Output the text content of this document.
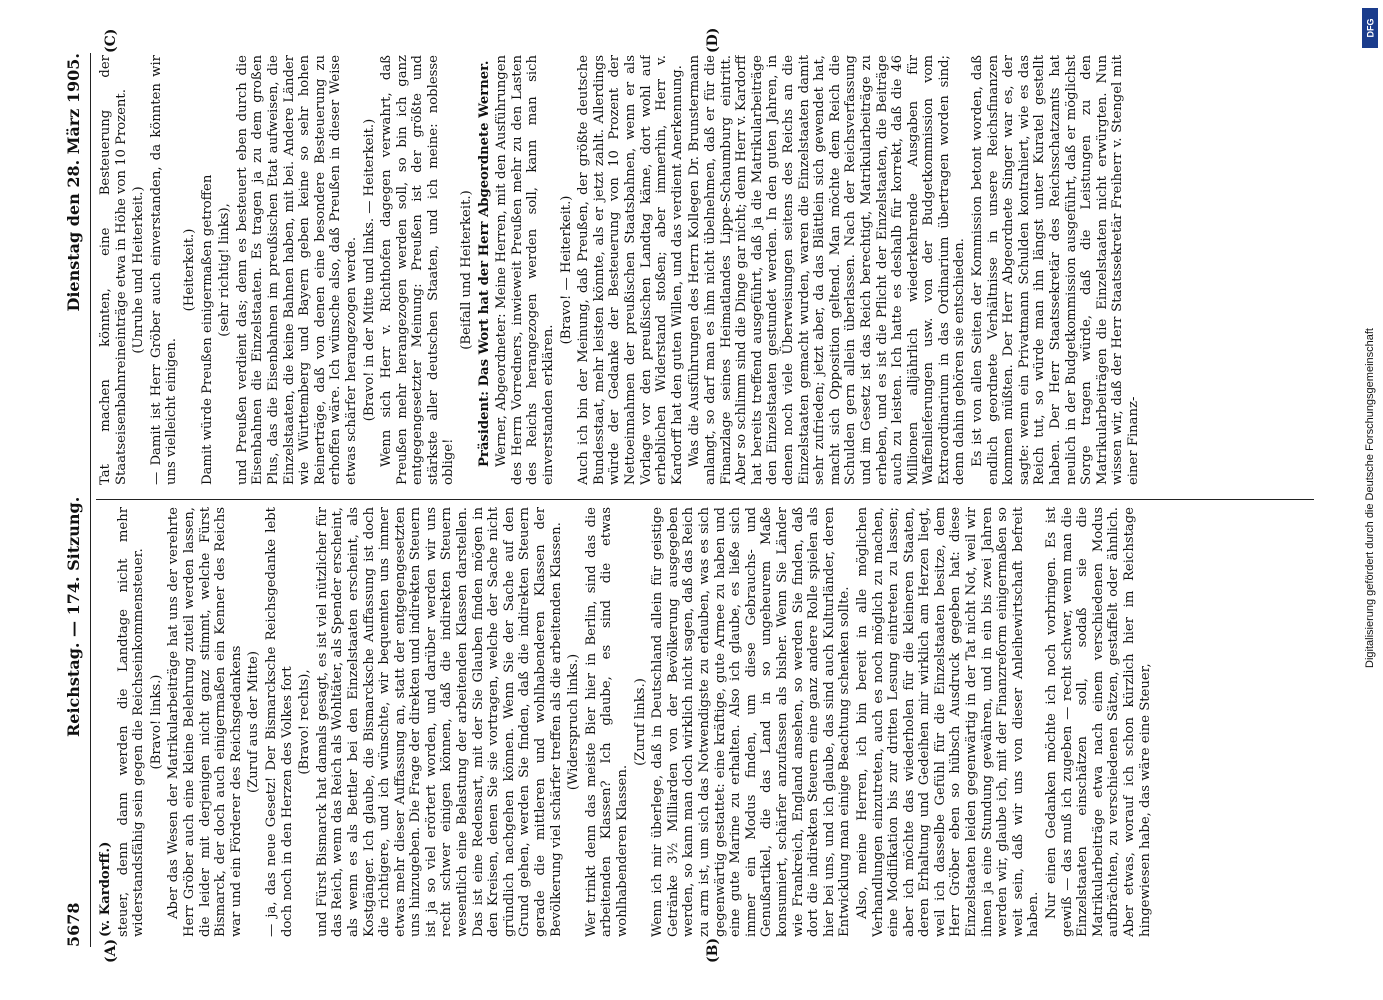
5678
Reichstag. — 174. Sitzung.
Dienstag den 28. März 1905.
(A)	(B)
(C)	(D)

(v. Kardorff.) steuer, denn dann werden die Landtage nicht mehr widerstandsfähig sein gegen die Reichseinkommensteuer. (Bravo! links.) Aber das Wesen der Matrikularbeiträge hat uns der verehrte Herr Gröber auch eine kleine Belehrung zuteil werden lassen, die leider mit derjenigen nicht ganz stimmt, welche Fürst Bismarck, der doch auch einigermaßen ein Kenner des Reichs war und ein Förderer des Reichsgedankens (Zuruf aus der Mitte) — ja, das neue Gesetz! Der Bismarcksche Reichsgedanke lebt doch noch in den Herzen des Volkes fort (Bravo! rechts), und Fürst Bismarck hat damals gesagt, es ist viel nützlicher für das Reich, wenn das Reich als Wohltäter, als Spender erscheint, als wenn es als Bettler bei den Einzelstaaten erscheint, als Kostgänger. Ich glaube, die Bismarcksche Auffassung ist doch die richtigere, und ich wünschte, wir bequemten uns immer etwas mehr dieser Auffassung an, statt der entgegengesetzten uns hinzugeben. Die Frage der direkten und indirekten Steuern ist ja so viel erörtert worden, und darüber werden wir uns recht schwer einigen können, daß die indirekten Steuern wesentlich eine Belastung der arbeitenden Klassen darstellen. Das ist eine Redensart, mit der Sie Glauben finden mögen in den Kreisen, denen Sie sie vortragen, welche der Sache nicht gründlich nachgehen können. Wenn Sie der Sache auf den Grund gehen, werden Sie finden, daß die indirekten Steuern gerade die mittleren und wohlhabenderen Klassen der Bevölkerung viel schärfer treffen als die arbeitenden Klassen. (Widerspruch links.) Wer trinkt denn das meiste Bier hier in Berlin, sind das die arbeitenden Klassen? Ich glaube, es sind die etwas wohlhabenderen Klassen.

(Zuruf links.) Wenn ich mir überlege, daß in Deutschland allein für geistige Getränke 3½ Milliarden von der Bevölkerung ausgegeben werden, so kann man doch wirklich nicht sagen, daß das Reich zu arm ist, um sich das Notwendigste zu erlauben, was es sich gegenwärtig gestattet: eine kräftige, gute Armee zu haben und eine gute Marine zu erhalten. Also ich glaube, es ließe sich immer ein Modus finden, um diese Gebrauchs- und Genußartikel, die das Land in so ungeheurem Maße konsumiert, schärfer anzufassen als bisher. Wenn Sie Länder wie Frankreich, England ansehen, so werden Sie finden, daß dort die indirekten Steuern eine ganz andere Rolle spielen als hier bei uns, und ich glaube, das sind auch Kulturländer, deren Entwicklung man einige Beachtung schenken sollte. Also, meine Herren, ich bin bereit in alle möglichen Verhandlungen einzutreten, auch es noch möglich zu machen, eine Modifikation bis zur dritten Lesung eintreten zu lassen; aber ich möchte das wiederholen für die kleineren Staaten, deren Erhaltung und Gedeihen mir wirklich am Herzen liegt, weil ich dasselbe Gefühl für die Einzelstaaten besitze, dem Herr Gröber eben so hübsch Ausdruck gegeben hat: diese Einzelstaaten leiden gegenwärtig in der Tat nicht Not, weil wir ihnen ja eine Stundung gewähren, und in ein bis zwei Jahren werden wir, glaube ich, mit der Finanzreform einigermaßen so weit sein, daß wir uns von dieser Anleihewirtschaft befreit haben. Nur einen Gedanken möchte ich noch vorbringen. Es ist gewiß — das muß ich zugeben — recht schwer, wenn man die Einzelstaaten einschätzen soll, sodaß sie die Matrikularbeiträge etwa nach einem verschiedenen Modus aufbrächten, zu verschiedenen Sätzen, gestaffelt oder ähnlich. Aber etwas, worauf ich schon kürzlich hier im Reichstage hingewiesen habe, das wäre eine Steuer,

Tat machen könnten, eine Besteuerung der Staatseisenbahnreineinträge etwa in Höhe von 10 Prozent. (Unruhe und Heiterkeit.) — Damit ist Herr Gröber auch einverstanden, da könnten wir uns vielleicht einigen.

(Heiterkeit.) Damit würde Preußen einigermaßen getroffen (sehr richtig! links), und Preußen verdient das; denn es besteuert eben durch die Eisenbahnen die Einzelstaaten. Es tragen ja zu dem großen Plus, das die Eisenbahnen im preußischen Etat aufweisen, die Einzelstaaten, die keine Bahnen haben, mit bei. Andere Länder wie Württemberg und Bayern geben keine so sehr hohen Reinerträge, daß von denen eine besondere Besteuerung zu erhoffen wäre. Ich wünsche also, daß Preußen in dieser Weise etwas schärfer herangezogen werde. (Bravo! in der Mitte und links. — Heiterkeit.) Wenn sich Herr v. Richthofen dagegen verwahrt, daß Preußen mehr herangezogen werden soll, so bin ich ganz entgegengesetzter Meinung: Preußen ist der größte und stärkste aller deutschen Staaten, und ich meine: noblesse oblige!

(Beifall und Heiterkeit.) Präsident: Das Wort hat der Herr Abgeordnete Werner. Werner, Abgeordneter: Meine Herren, mit den Ausführungen des Herrn Vorredners, inwieweit Preußen mehr zu den Lasten des Reichs herangezogen werden soll, kann man sich einverstanden erklären.

(Bravo! — Heiterkeit.) Auch ich bin der Meinung, daß Preußen, der größte deutsche Bundesstaat, mehr leisten könnte, als er jetzt zahlt. Allerdings würde der Gedanke der Besteuerung von 10 Prozent der Nettoeinnahmen der preußischen Staatsbahnen, wenn er als Vorlage vor den preußischen Landtag käme, dort wohl auf erheblichen Widerstand stoßen; aber immerhin, Herr v. Kardorff hat den guten Willen, und das verdient Anerkennung. Was die Ausführungen des Herrn Kollegen Dr. Brunstermann anlangt, so darf man es ihm nicht übelnehmen, daß er für die Finanzlage seines Heimatlandes Lippe-Schaumburg eintritt. Aber so schlimm sind die Dinge gar nicht; denn Herr v. Kardorff hat bereits treffend ausgeführt, daß ja die Matrikularbeiträge den Einzelstaaten gestundet werden. In den guten Jahren, in denen noch viele Überweisungen seitens des Reichs an die Einzelstaaten gemacht wurden, waren die Einzelstaaten damit sehr zufrieden; jetzt aber, da das Blättlein sich gewendet hat, macht sich Opposition geltend. Man möchte dem Reich die Schulden gern allein überlassen. Nach der Reichsverfassung und im Gesetz ist das Reich berechtigt, Matrikularbeiträge zu erheben, und es ist die Pflicht der Einzelstaaten, die Beiträge auch zu leisten. Ich hatte es deshalb für korrekt, daß die 46 Millionen alljährlich wiederkehrende Ausgaben für Waffenlieferungen usw. von der Budgetkommission vom Extraordinarium in das Ordinarium übertragen worden sind; denn dahin gehören sie entschieden. Es ist von allen Seiten der Kommission betont worden, daß endlich geordnete Verhältnisse in unsere Reichsfinanzen kommen müßten. Der Herr Abgeordnete Singer war es, der sagte: wenn ein Privatmann Schulden kontrahiert, wie es das Reich tut, so würde man ihn längst unter Kuratel gestellt haben. Der Herr Staatssekretär des Reichsschatzamts hat neulich in der Budgetkommission ausgeführt, daß er möglichst Sorge tragen würde, daß die Leistungen zu den Matrikularbeiträgen die Einzelstaaten nicht erwürgten. Nun wissen wir, daß der Herr Staatssekretär Freiherr v. Stengel mit einer Finanz-

DFG
Digitalisierung gefördert durch die Deutsche Forschungsgemeinschaft
